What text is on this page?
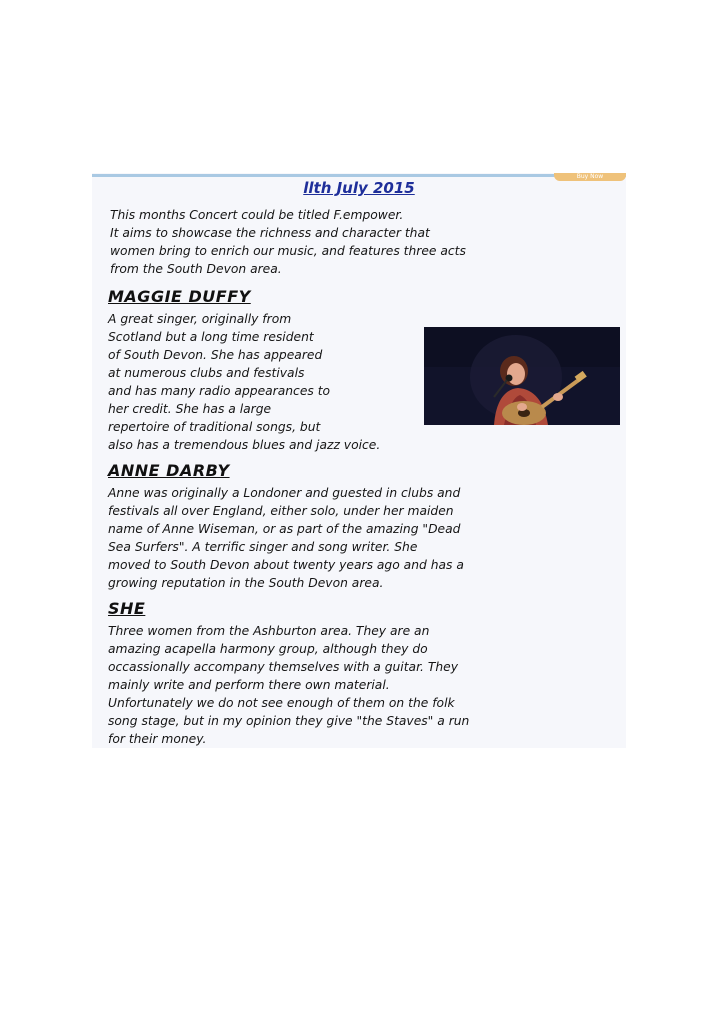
Buy Now
llth July 2015

This months Concert could be titled F.empower.
It aims to showcase the richness and character that
women bring to enrich our music, and features three acts
from the South Devon area.

MAGGIE DUFFY

A great singer, originally from
Scotland but a long time resident
of South Devon. She has appeared
at numerous clubs and festivals
and has many radio appearances to
her credit. She has a large
repertoire of traditional songs, but
also has a tremendous blues and jazz voice.

ANNE DARBY

Anne was originally a Londoner and guested in clubs and
festivals all over England, either solo, under her maiden
name of Anne Wiseman, or as part of the amazing "Dead
Sea Surfers". A terrific singer and song writer. She
moved to South Devon about twenty years ago and has a
growing reputation in the South Devon area.

SHE

Three women from the Ashburton area. They are an
amazing acapella harmony group, although they do
occassionally accompany themselves with a guitar. They
mainly write and perform there own material.
Unfortunately we do not see enough of them on the folk
song stage, but in my opinion they give "the Staves" a run
for their money.
